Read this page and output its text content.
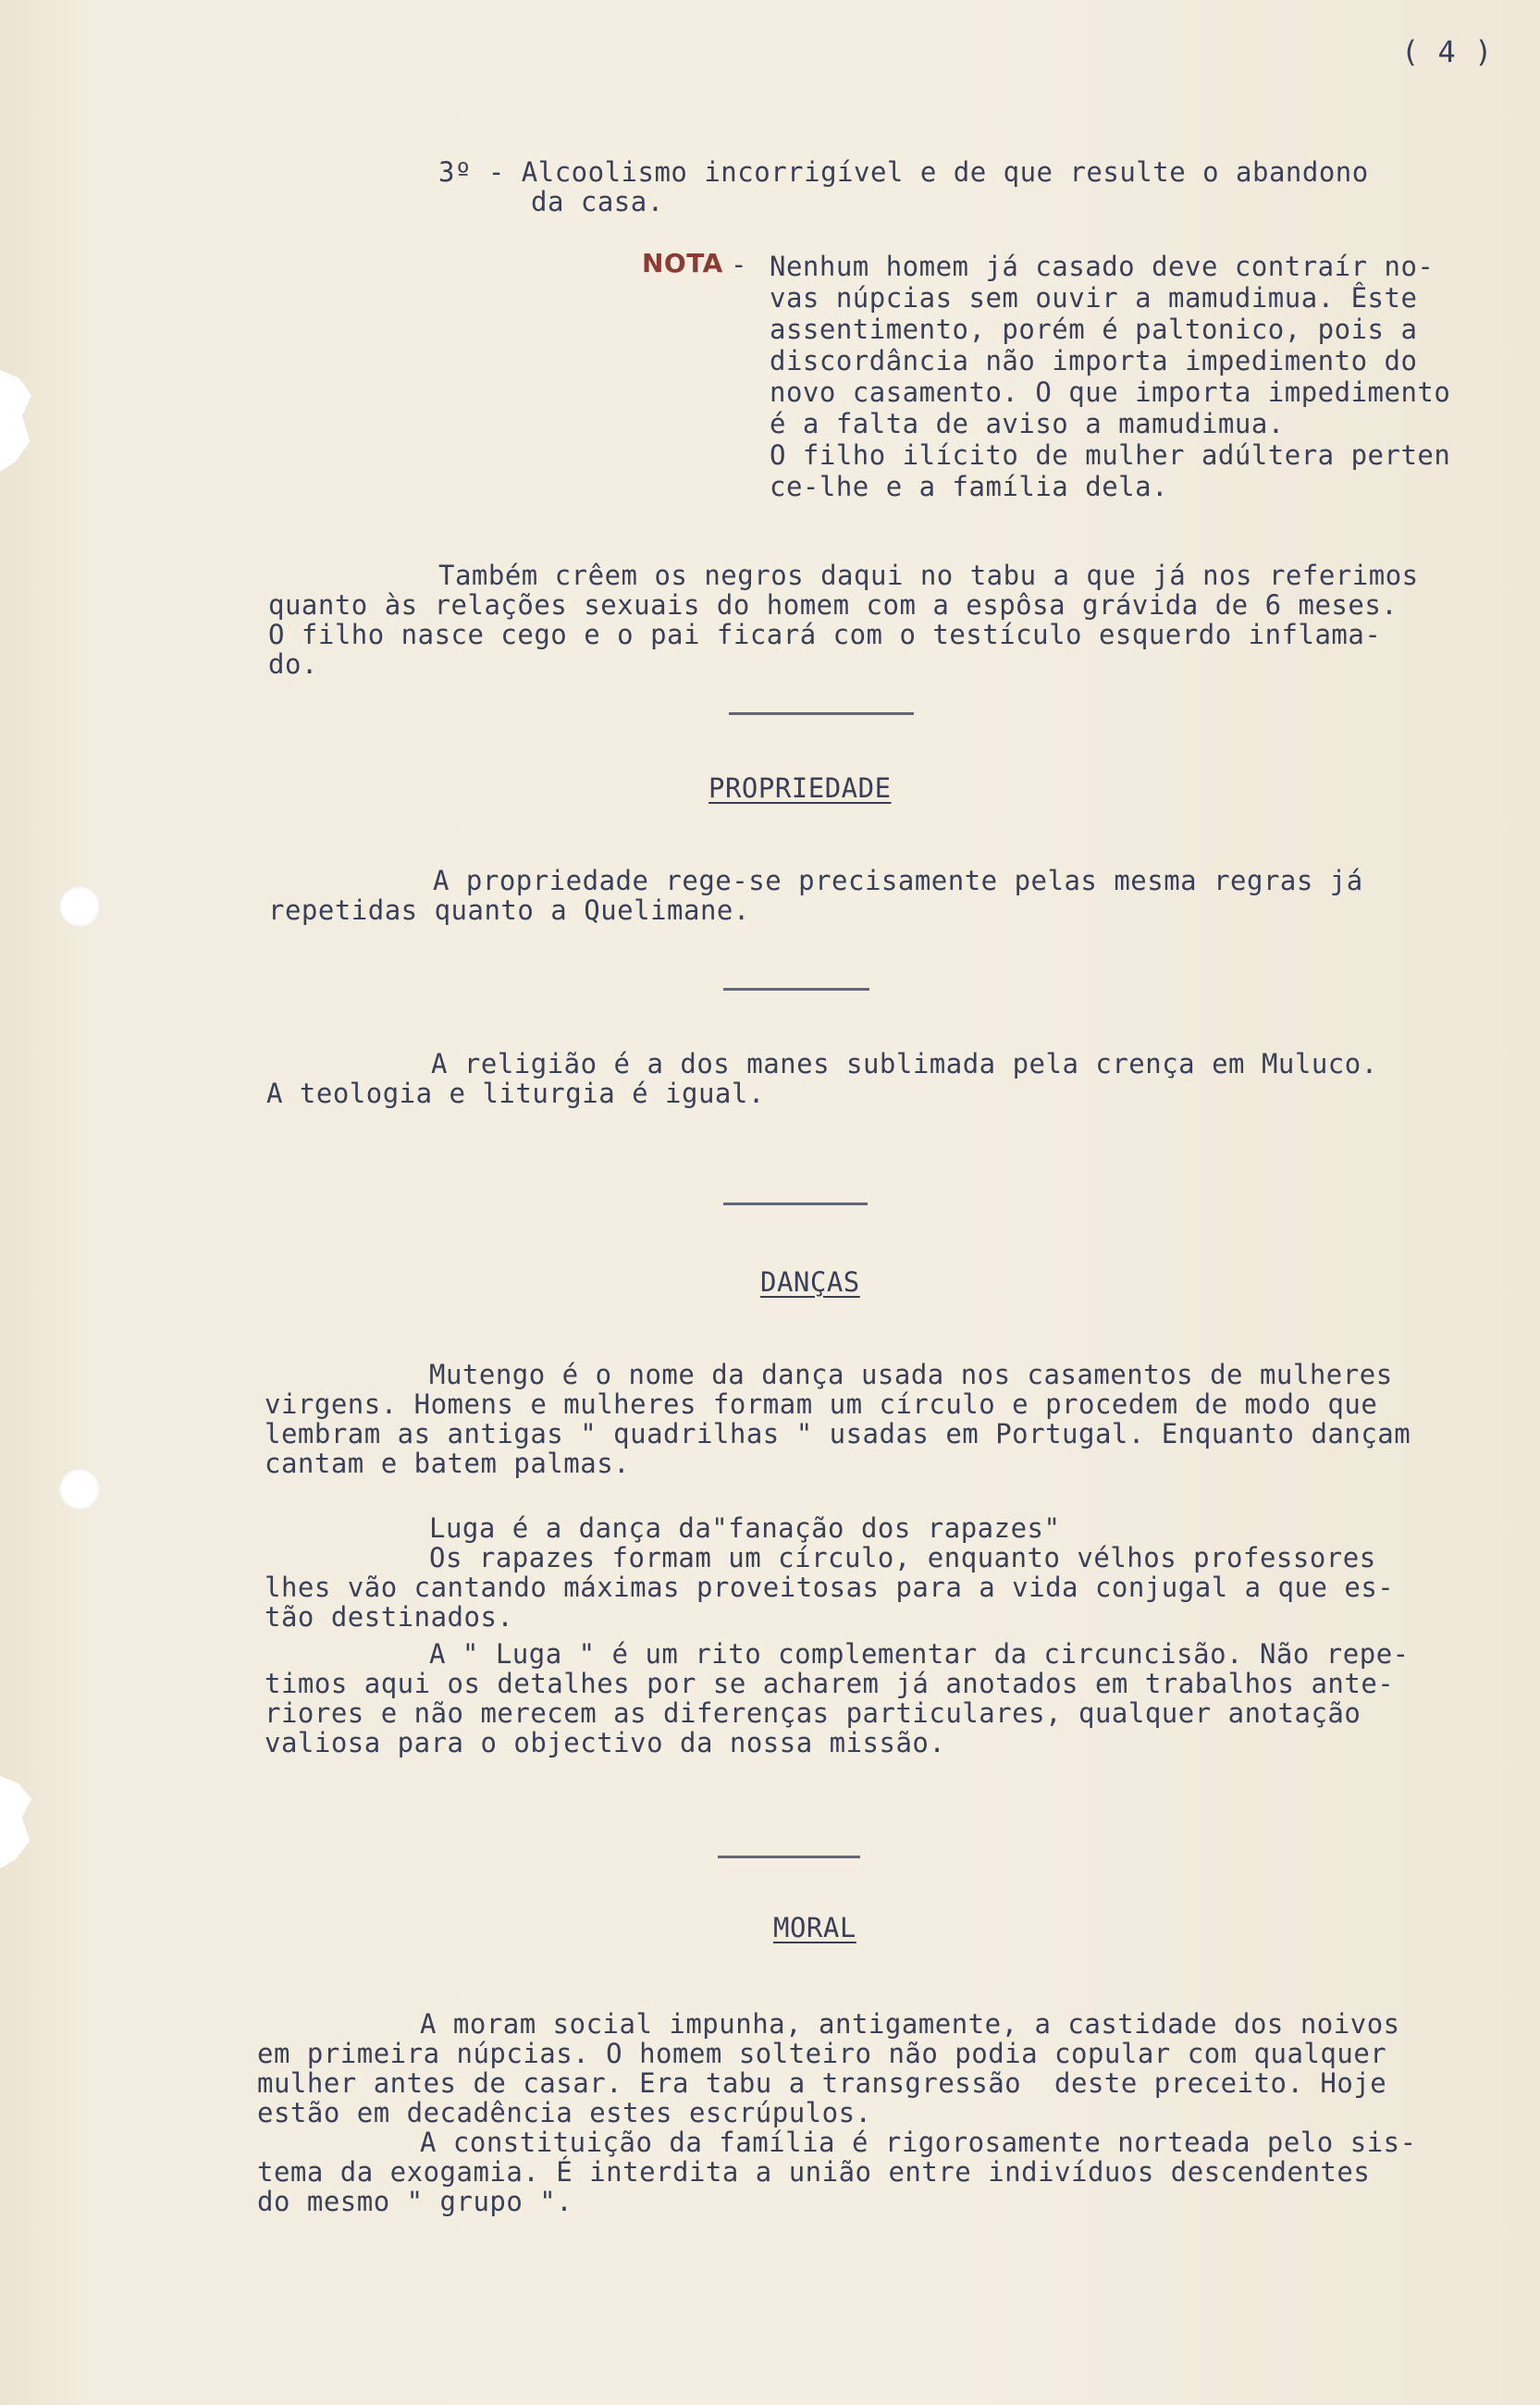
( 4 )
3º - Alcoolismo incorrigível e de que resulte o abandono
da casa.
NOTA - Nenhum homem já casado deve contraír no-
vas núpcias sem ouvir a mamudimua. Êste
assentimento, porém é paltonico, pois a
discordância não importa impedimento do
novo casamento. O que importa impedimento
é a falta de aviso a mamudimua.
O filho ilícito de mulher adúltera perten
ce-lhe e a família dela.
Também crêem os negros daqui no tabu a que já nos referimos
quanto às relações sexuais do homem com a espôsa grávida de 6 meses.
O filho nasce cego e o pai ficará com o testículo esquerdo inflama-
do.
PROPRIEDADE
A propriedade rege-se precisamente pelas mesma regras já
repetidas quanto a Quelimane.
A religião é a dos manes sublimada pela crença em Muluco.
A teologia e liturgia é igual.
DANÇAS
Mutengo é o nome da dança usada nos casamentos de mulheres
virgens. Homens e mulheres formam um círculo e procedem de modo que
lembram as antigas " quadrilhas " usadas em Portugal. Enquanto dançam
cantam e batem palmas.
Luga é a dança da"fanação dos rapazes"
Os rapazes formam um círculo, enquanto vélhos professores
lhes vão cantando máximas proveitosas para a vida conjugal a que es-
tão destinados.
A " Luga " é um rito complementar da circuncisão. Não repe-
timos aqui os detalhes por se acharem já anotados em trabalhos ante-
riores e não merecem as diferenças particulares, qualquer anotação
valiosa para o objectivo da nossa missão.
MORAL
A moram social impunha, antigamente, a castidade dos noivos
em primeira núpcias. O homem solteiro não podia copular com qualquer
mulher antes de casar. Era tabu a transgressão  deste preceito. Hoje
estão em decadência estes escrúpulos.
A constituição da família é rigorosamente norteada pelo sis-
tema da exogamia. É interdita a união entre indivíduos descendentes
do mesmo " grupo ".
